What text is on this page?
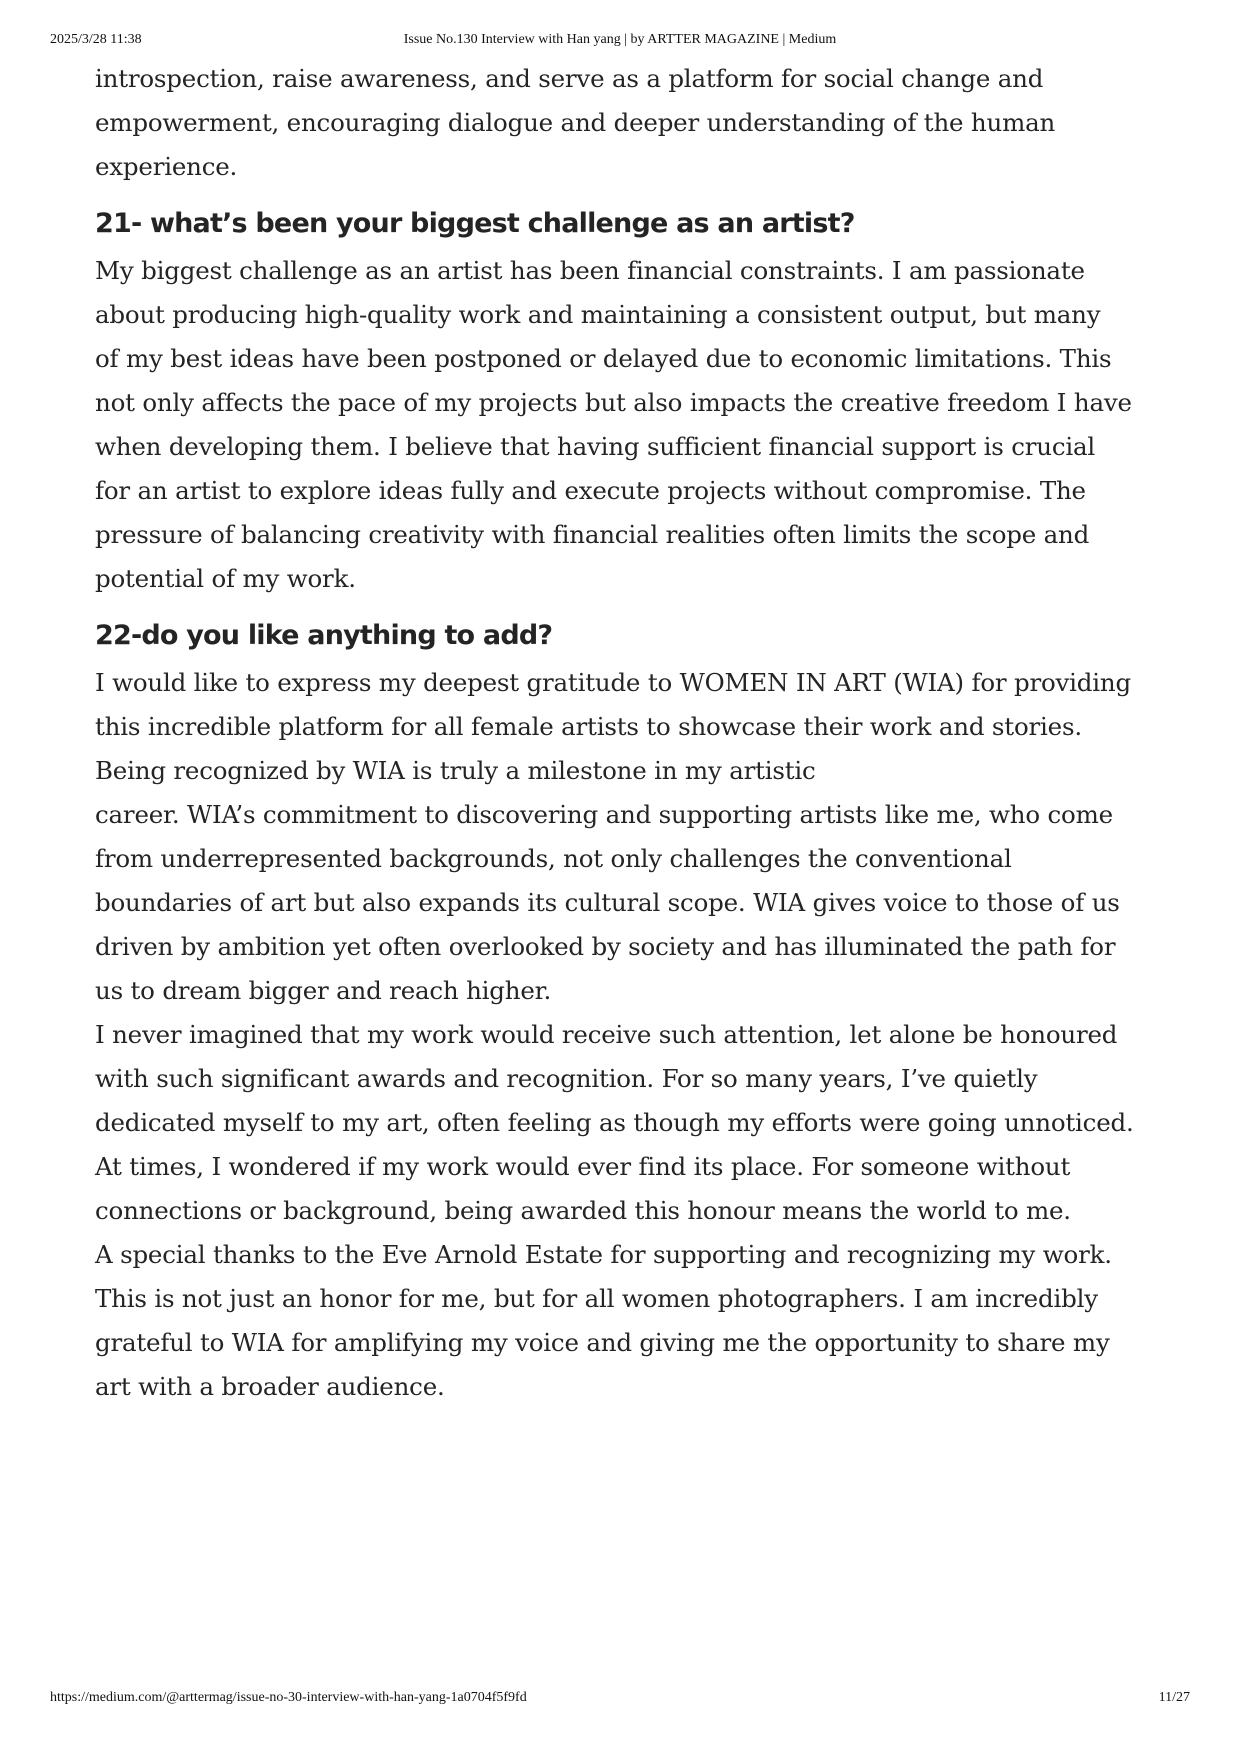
2025/3/28 11:38	Issue No.130 Interview with Han yang | by ARTTER MAGAZINE | Medium

introspection, raise awareness, and serve as a platform for social change and
empowerment, encouraging dialogue and deeper understanding of the human
experience.

21- what’s been your biggest challenge as an artist?

My biggest challenge as an artist has been financial constraints. I am passionate
about producing high-quality work and maintaining a consistent output, but many
of my best ideas have been postponed or delayed due to economic limitations. This
not only affects the pace of my projects but also impacts the creative freedom I have
when developing them. I believe that having sufficient financial support is crucial
for an artist to explore ideas fully and execute projects without compromise. The
pressure of balancing creativity with financial realities often limits the scope and
potential of my work.

22-do you like anything to add?

I would like to express my deepest gratitude to WOMEN IN ART (WIA) for providing
this incredible platform for all female artists to showcase their work and stories.
Being recognized by WIA is truly a milestone in my artistic
career. WIA’s commitment to discovering and supporting artists like me, who come
from underrepresented backgrounds, not only challenges the conventional
boundaries of art but also expands its cultural scope. WIA gives voice to those of us
driven by ambition yet often overlooked by society and has illuminated the path for
us to dream bigger and reach higher.

I never imagined that my work would receive such attention, let alone be honoured
with such significant awards and recognition. For so many years, I’ve quietly
dedicated myself to my art, often feeling as though my efforts were going unnoticed.
At times, I wondered if my work would ever find its place. For someone without
connections or background, being awarded this honour means the world to me.

A special thanks to the Eve Arnold Estate for supporting and recognizing my work.
This is not just an honor for me, but for all women photographers. I am incredibly
grateful to WIA for amplifying my voice and giving me the opportunity to share my
art with a broader audience.

https://medium.com/@arttermag/issue-no-30-interview-with-han-yang-1a0704f5f9fd	11/27
